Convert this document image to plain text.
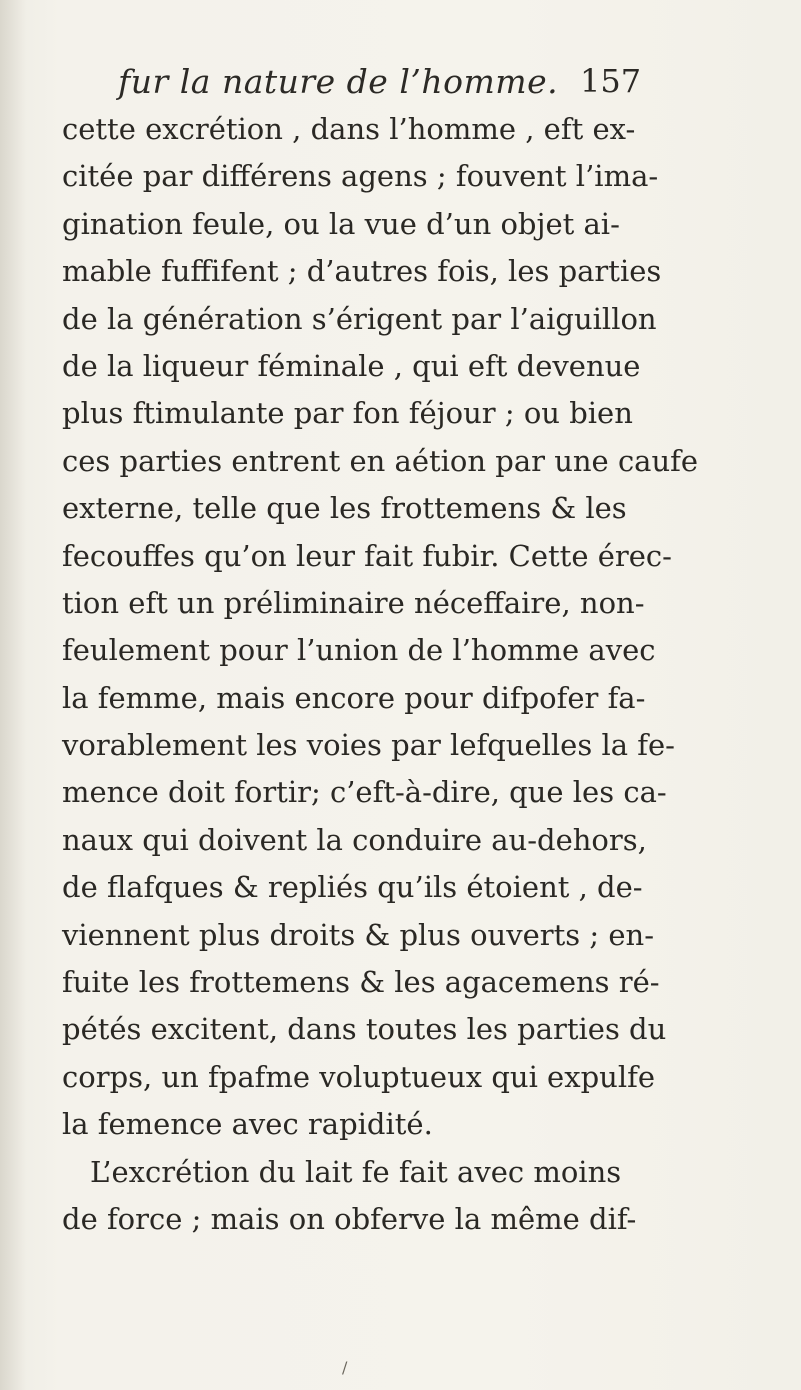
fur la nature de l’homme. 157
cette excrétion , dans l’homme , eft ex-
citée par différens agens ; fouvent l’ima-
gination feule, ou la vue d’un objet ai-
mable fuffifent ; d’autres fois, les parties
de la génération s’érigent par l’aiguillon
de la liqueur féminale , qui eft devenue
plus ftimulante par fon féjour ; ou bien
ces parties entrent en aétion par une caufe
externe, telle que les frottemens & les
fecouffes qu’on leur fait fubir. Cette érec-
tion eft un préliminaire néceffaire, non-
feulement pour l’union de l’homme avec
la femme, mais encore pour difpofer fa-
vorablement les voies par lefquelles la fe-
mence doit fortir; c’eft-à-dire, que les ca-
naux qui doivent la conduire au-dehors,
de flafques & repliés qu’ils étoient , de-
viennent plus droits & plus ouverts ; en-
fuite les frottemens & les agacemens ré-
pétés excitent, dans toutes les parties du
corps, un fpafme voluptueux qui expulfe
la femence avec rapidité.
L’excrétion du lait fe fait avec moins
de force ; mais on obferve la même dif-
/
